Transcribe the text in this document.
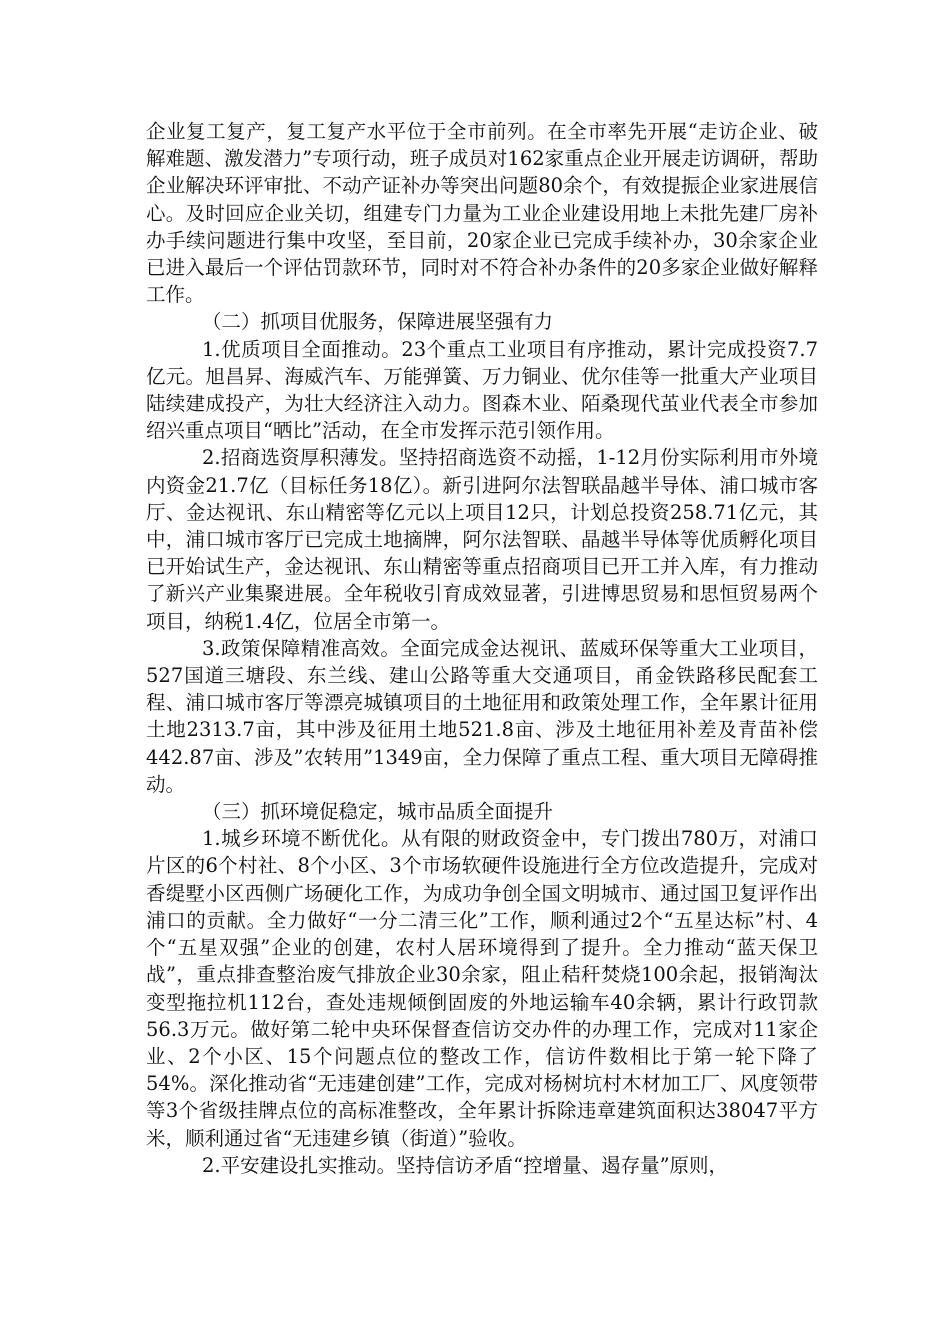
企业复工复产，复工复产水平位于全市前列。在全市率先开展“走访企业、破解难题、激发潜力”专项行动，班子成员对162家重点企业开展走访调研，帮助企业解决环评审批、不动产证补办等突出问题80余个，有效提振企业家进展信心。及时回应企业关切，组建专门力量为工业企业建设用地上未批先建厂房补办手续问题进行集中攻坚，至目前，20家企业已完成手续补办，30余家企业已进入最后一个评估罚款环节，同时对不符合补办条件的20多家企业做好解释工作。

（二）抓项目优服务，保障进展坚强有力

1.优质项目全面推动。23个重点工业项目有序推动，累计完成投资7.7亿元。旭昌昇、海威汽车、万能弹簧、万力铜业、优尔佳等一批重大产业项目陆续建成投产，为壮大经济注入动力。图森木业、陌桑现代茧业代表全市参加绍兴重点项目“晒比”活动，在全市发挥示范引领作用。

2.招商选资厚积薄发。坚持招商选资不动摇，1-12月份实际利用市外境内资金21.7亿（目标任务18亿）。新引进阿尔法智联晶越半导体、浦口城市客厅、金达视讯、东山精密等亿元以上项目12只，计划总投资258.71亿元，其中，浦口城市客厅已完成土地摘牌，阿尔法智联、晶越半导体等优质孵化项目已开始试生产，金达视讯、东山精密等重点招商项目已开工并入库，有力推动了新兴产业集聚进展。全年税收引育成效显著，引进博思贸易和思恒贸易两个项目，纳税1.4亿，位居全市第一。

3.政策保障精准高效。全面完成金达视讯、蓝威环保等重大工业项目，527国道三塘段、东兰线、建山公路等重大交通项目，甬金铁路移民配套工程、浦口城市客厅等漂亮城镇项目的土地征用和政策处理工作，全年累计征用土地2313.7亩，其中涉及征用土地521.8亩、涉及土地征用补差及青苗补偿442.87亩、涉及”农转用”1349亩，全力保障了重点工程、重大项目无障碍推动。

（三）抓环境促稳定，城市品质全面提升

1.城乡环境不断优化。从有限的财政资金中，专门拨出780万，对浦口片区的6个村社、8个小区、3个市场软硬件设施进行全方位改造提升，完成对香缇墅小区西侧广场硬化工作，为成功争创全国文明城市、通过国卫复评作出浦口的贡献。全力做好“一分二清三化”工作，顺利通过2个“五星达标”村、4个“五星双强”企业的创建，农村人居环境得到了提升。全力推动“蓝天保卫战”，重点排查整治废气排放企业30余家，阻止秸秆焚烧100余起，报销淘汰变型拖拉机112台，查处违规倾倒固废的外地运输车40余辆，累计行政罚款56.3万元。做好第二轮中央环保督查信访交办件的办理工作，完成对11家企业、2个小区、15个问题点位的整改工作，信访件数相比于第一轮下降了54%。深化推动省“无违建创建”工作，完成对杨树坑村木材加工厂、风度领带等3个省级挂牌点位的高标准整改，全年累计拆除违章建筑面积达38047平方米，顺利通过省“无违建乡镇（街道）”验收。

2.平安建设扎实推动。坚持信访矛盾“控增量、遏存量”原则，
